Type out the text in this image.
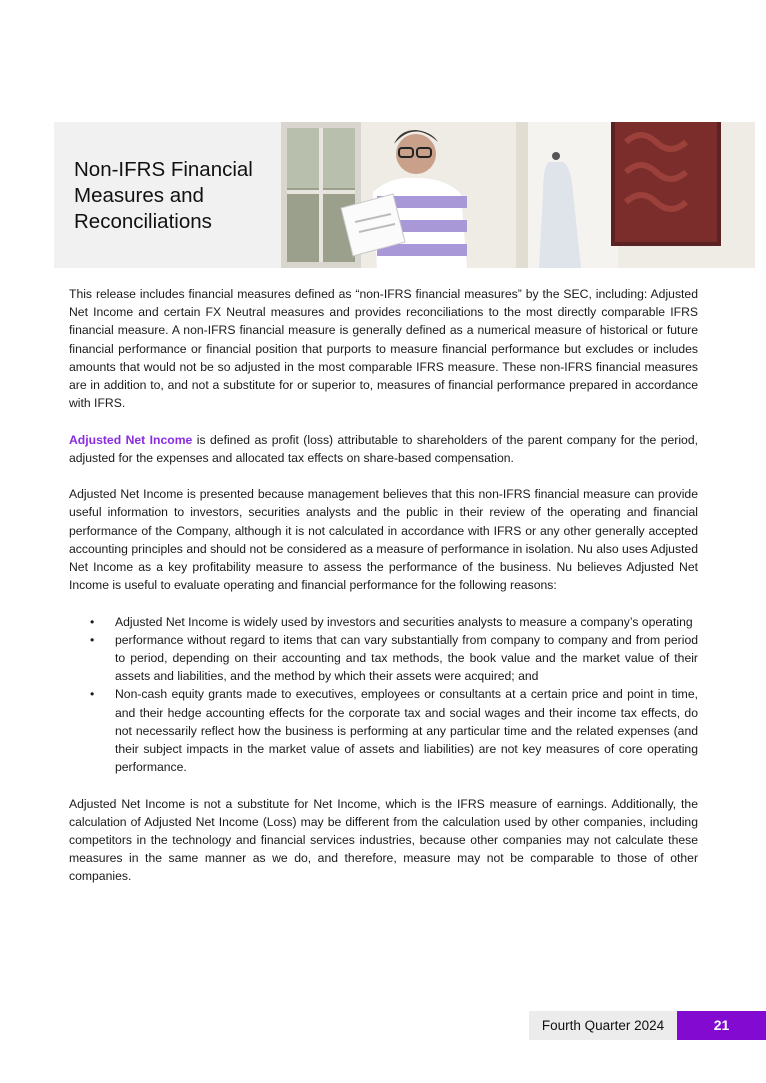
Non-IFRS Financial Measures and Reconciliations

This release includes financial measures defined as “non-IFRS financial measures” by the SEC, including: Adjusted Net Income and certain FX Neutral measures and provides reconciliations to the most directly comparable IFRS financial measure. A non-IFRS financial measure is generally defined as a numerical measure of historical or future financial performance or financial position that purports to measure financial performance but excludes or includes amounts that would not be so adjusted in the most comparable IFRS measure. These non-IFRS financial measures are in addition to, and not a substitute for or superior to, measures of financial performance prepared in accordance with IFRS.

Adjusted Net Income is defined as profit (loss) attributable to shareholders of the parent company for the period, adjusted for the expenses and allocated tax effects on share-based compensation.

Adjusted Net Income is presented because management believes that this non-IFRS financial measure can provide useful information to investors, securities analysts and the public in their review of the operating and financial performance of the Company, although it is not calculated in accordance with IFRS or any other generally accepted accounting principles and should not be considered as a measure of performance in isolation. Nu also uses Adjusted Net Income as a key profitability measure to assess the performance of the business. Nu believes Adjusted Net Income is useful to evaluate operating and financial performance for the following reasons:

• Adjusted Net Income is widely used by investors and securities analysts to measure a company’s operating
• performance without regard to items that can vary substantially from company to company and from period to period, depending on their accounting and tax methods, the book value and the market value of their assets and liabilities, and the method by which their assets were acquired; and
• Non-cash equity grants made to executives, employees or consultants at a certain price and point in time, and their hedge accounting effects for the corporate tax and social wages and their income tax effects, do not necessarily reflect how the business is performing at any particular time and the related expenses (and their subject impacts in the market value of assets and liabilities) are not key measures of core operating performance.

Adjusted Net Income is not a substitute for Net Income, which is the IFRS measure of earnings. Additionally, the calculation of Adjusted Net Income (Loss) may be different from the calculation used by other companies, including competitors in the technology and financial services industries, because other companies may not calculate these measures in the same manner as we do, and therefore, measure may not be comparable to those of other companies.

Fourth Quarter 2024	21
